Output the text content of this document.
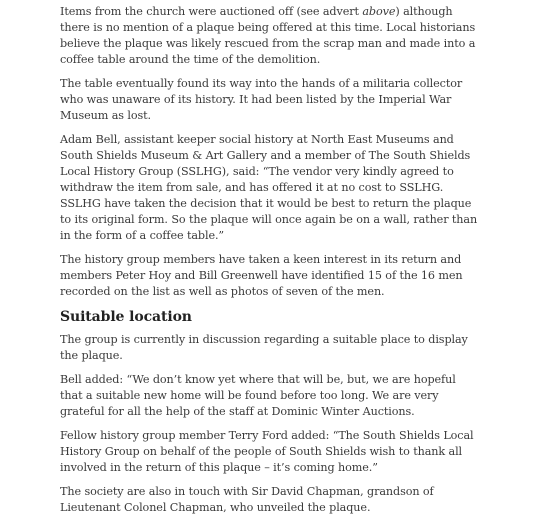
Items from the church were auctioned off (see advert above) although there is no mention of a plaque being offered at this time. Local historians believe the plaque was likely rescued from the scrap man and made into a coffee table around the time of the demolition.

The table eventually found its way into the hands of a militaria collector who was unaware of its history. It had been listed by the Imperial War Museum as lost.

Adam Bell, assistant keeper social history at North East Museums and South Shields Museum & Art Gallery and a member of The South Shields Local History Group (SSLHG), said: “The vendor very kindly agreed to withdraw the item from sale, and has offered it at no cost to SSLHG. SSLHG have taken the decision that it would be best to return the plaque to its original form. So the plaque will once again be on a wall, rather than in the form of a coffee table.”

The history group members have taken a keen interest in its return and members Peter Hoy and Bill Greenwell have identified 15 of the 16 men recorded on the list as well as photos of seven of the men.

Suitable location

The group is currently in discussion regarding a suitable place to display the plaque.

Bell added: “We don’t know yet where that will be, but, we are hopeful that a suitable new home will be found before too long. We are very grateful for all the help of the staff at Dominic Winter Auctions.

Fellow history group member Terry Ford added: “The South Shields Local History Group on behalf of the people of South Shields wish to thank all involved in the return of this plaque – it’s coming home.”

The society are also in touch with Sir David Chapman, grandson of Lieutenant Colonel Chapman, who unveiled the plaque.
